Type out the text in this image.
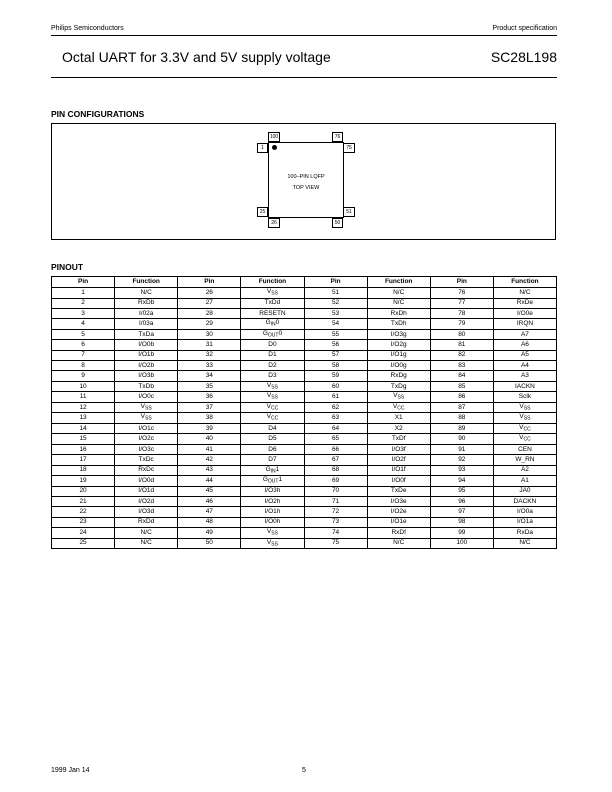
Philips Semiconductors	Product specification
Octal UART for 3.3V and 5V supply voltage	SC28L198
PIN CONFIGURATIONS
100–PIN LQFP
TOP VIEW
100	76
1	75
25	51
26	50
PINOUT
Pin	Function	Pin	Function	Pin	Function	Pin	Function
1	N/C	26	$V_{SS}$	51	N/C	76	N/C
2	RxDb	27	TxDd	52	N/C	77	RxDe
3	I/02a	28	RESETN	53	RxDh	78	I/O0e
4	I/03a	29	$G_{IN}0$	54	TxDh	79	IRQN
5	TxDa	30	$G_{OUT}0$	55	I/O3g	80	A7
6	I/O0b	31	D0	56	I/O2g	81	A6
7	I/O1b	32	D1	57	I/O1g	82	A5
8	I/O2b	33	D2	58	I/O0g	83	A4
9	I/O3b	34	D3	59	RxDg	84	A3
10	TxDb	35	$V_{SS}$	60	TxDg	85	IACKN
11	I/O0c	36	$V_{SS}$	61	$V_{SS}$	86	Sclk
12	$V_{SS}$	37	$V_{CC}$	62	$V_{CC}$	87	$V_{SS}$
13	$V_{SS}$	38	$V_{CC}$	63	X1	88	$V_{SS}$
14	I/O1c	39	D4	64	X2	89	$V_{CC}$
15	I/O2c	40	D5	65	TxDf	90	$V_{CC}$
16	I/O3c	41	D6	66	I/O3f	91	CEN
17	TxDc	42	D7	67	I/O2f	92	W_RN
18	RxDc	43	$G_{IN}1$	68	I/O1f	93	A2
19	I/O0d	44	$G_{OUT}1$	69	I/O0f	94	A1
20	I/O1d	45	I/O3h	70	TxDe	95	JA0
21	I/O2d	46	I/O2h	71	I/O3e	96	DACKN
22	I/O3d	47	I/O1h	72	I/O2e	97	I/O0a
23	RxDd	48	I/O0h	73	I/O1e	98	I/O1a
24	N/C	49	$V_{SS}$	74	RxDf	99	RxDa
25	N/C	50	$V_{SS}$	75	N/C	100	N/C
1999 Jan 14	5
